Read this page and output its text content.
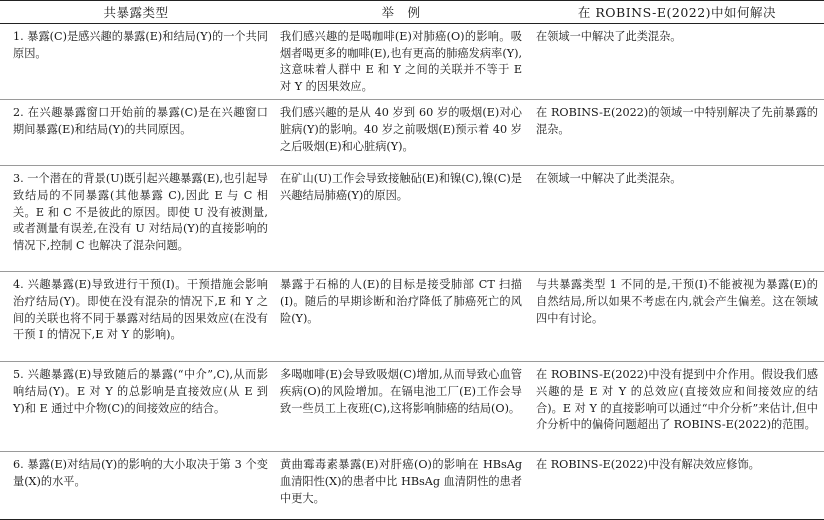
共暴露类型	举　例	在 ROBINS-E(2022)中如何解决
1. 暴露(C)是感兴趣的暴露(E)和结局(Y)的一个共同原因。	我们感兴趣的是喝咖啡(E)对肺癌(O)的影响。吸烟者喝更多的咖啡(E),也有更高的肺癌发病率(Y),这意味着人群中 E 和 Y 之间的关联并不等于 E 对 Y 的因果效应。	在领域一中解决了此类混杂。
2. 在兴趣暴露窗口开始前的暴露(C)是在兴趣窗口期间暴露(E)和结局(Y)的共同原因。	我们感兴趣的是从 40 岁到 60 岁的吸烟(E)对心脏病(Y)的影响。40 岁之前吸烟(E)预示着 40 岁之后吸烟(E)和心脏病(Y)。	在 ROBINS-E(2022)的领域一中特别解决了先前暴露的混杂。
3. 一个潜在的背景(U)既引起兴趣暴露(E),也引起导致结局的不同暴露(其他暴露 C),因此 E 与 C 相关。E 和 C 不是彼此的原因。即使 U 没有被测量,或者测量有误差,在没有 U 对结局(Y)的直接影响的情况下,控制 C 也解决了混杂问题。	在矿山(U)工作会导致接触砧(E)和镍(C),镍(C)是兴趣结局肺癌(Y)的原因。	在领域一中解决了此类混杂。
4. 兴趣暴露(E)导致进行干预(I)。干预措施会影响治疗结局(Y)。即使在没有混杂的情况下,E 和 Y 之间的关联也将不同于暴露对结局的因果效应(在没有干预 I 的情况下,E 对 Y 的影响)。	暴露于石棉的人(E)的目标是接受肺部 CT 扫描(I)。随后的早期诊断和治疗降低了肺癌死亡的风险(Y)。	与共暴露类型 1 不同的是,干预(I)不能被视为暴露(E)的自然结局,所以如果不考虑在内,就会产生偏差。这在领域四中有讨论。
5. 兴趣暴露(E)导致随后的暴露(“中介”,C),从而影响结局(Y)。E 对 Y 的总影响是直接效应(从 E 到 Y)和 E 通过中介物(C)的间接效应的结合。	多喝咖啡(E)会导致吸烟(C)增加,从而导致心血管疾病(O)的风险增加。在镉电池工厂(E)工作会导致一些员工上夜班(C),这将影响肺癌的结局(O)。	在 ROBINS-E(2022)中没有提到中介作用。假设我们感兴趣的是 E 对 Y 的总效应(直接效应和间接效应的结合)。E 对 Y 的直接影响可以通过“中介分析”来估计,但中介分析中的偏倚问题超出了 ROBINS-E(2022)的范围。
6. 暴露(E)对结局(Y)的影响的大小取决于第 3 个变量(X)的水平。	黄曲霉毒素暴露(E)对肝癌(O)的影响在 HBsAg 血清阳性(X)的患者中比 HBsAg 血清阴性的患者中更大。	在 ROBINS-E(2022)中没有解决效应修饰。
